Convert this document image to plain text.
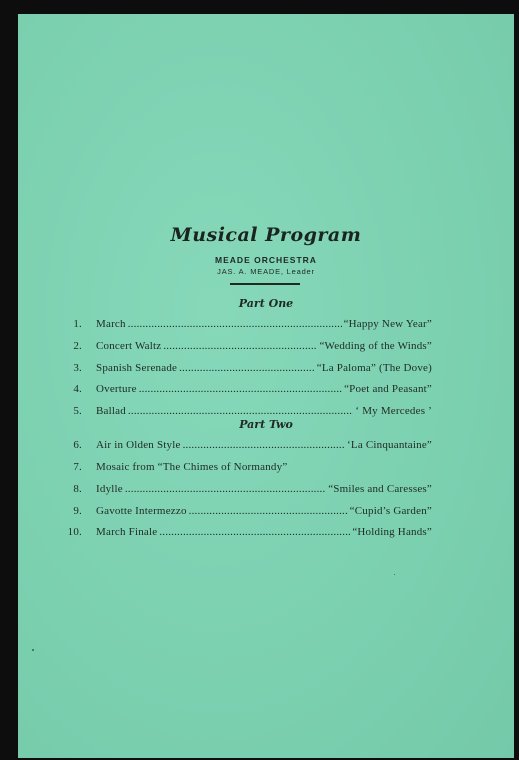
Musical Program
MEADE ORCHESTRA
JAS. A. MEADE, Leader
Part One
1. March .....	“Happy New Year”
2. Concert Waltz .....	“Wedding of the Winds”
3. Spanish Serenade .....	“La Paloma” (The Dove)
4. Overture .....	“Poet and Peasant”
5. Ballad .....	‘ My Mercedes ’
Part Two
6. Air in Olden Style .....	‘La Cinquantaine”
7. Mosaic from “The Chimes of Normandy”
8. Idylle .....	“Smiles and Caresses”
9. Gavotte Intermezzo .....	“Cupid’s Garden”
10. March Finale .....	“Holding Hands”
